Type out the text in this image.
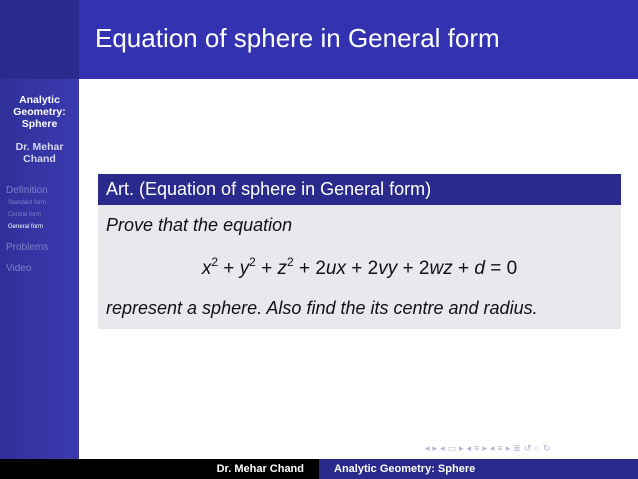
Analytic
Geometry:
Sphere
Dr. Mehar
Chand
Definition
Standard form
Central form
General form
Problems
Video
Equation of sphere in General form
Art. (Equation of sphere in General form)
Prove that the equation
$x^2 + y^2 + z^2 + 2ux + 2vy + 2wz + d = 0$
represent a sphere. Also find the its centre and radius.
◂ ▸ ◂ ▭ ▸ ◂ ≡ ▸ ◂ ≡ ▸ ≣ ↺ ○ ↻
Dr. Mehar Chand	Analytic Geometry: Sphere
